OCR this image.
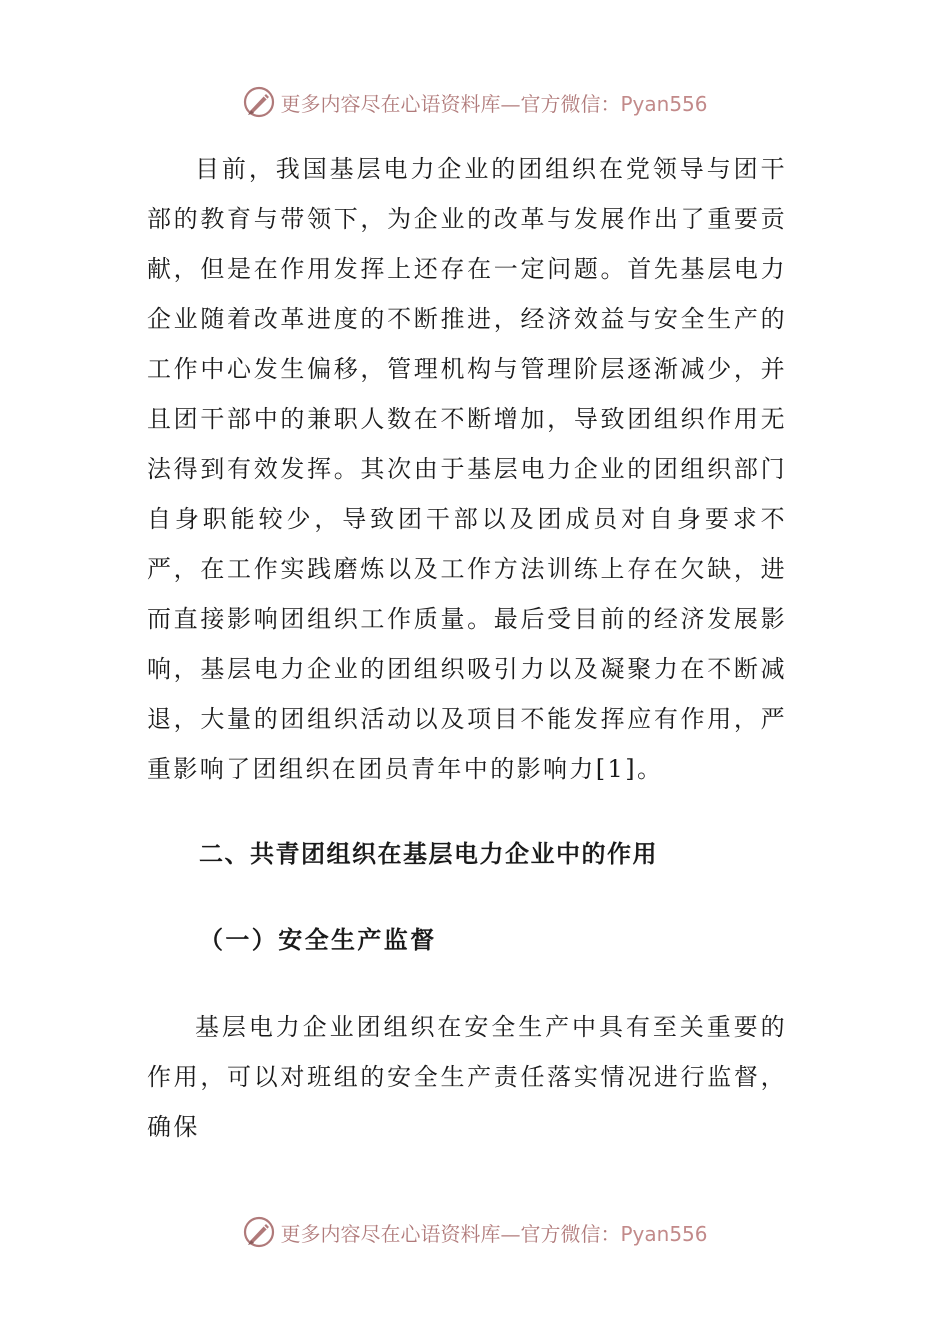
更多内容尽在心语资料库—官方微信：Pyan556

目前，我国基层电力企业的团组织在党领导与团干部的教育与带领下，为企业的改革与发展作出了重要贡献，但是在作用发挥上还存在一定问题。首先基层电力企业随着改革进度的不断推进，经济效益与安全生产的工作中心发生偏移，管理机构与管理阶层逐渐减少，并且团干部中的兼职人数在不断增加，导致团组织作用无法得到有效发挥。其次由于基层电力企业的团组织部门自身职能较少，导致团干部以及团成员对自身要求不严，在工作实践磨炼以及工作方法训练上存在欠缺，进而直接影响团组织工作质量。最后受目前的经济发展影响，基层电力企业的团组织吸引力以及凝聚力在不断减退，大量的团组织活动以及项目不能发挥应有作用，严重影响了团组织在团员青年中的影响力[1]。

二、共青团组织在基层电力企业中的作用
（一）安全生产监督

基层电力企业团组织在安全生产中具有至关重要的作用，可以对班组的安全生产责任落实情况进行监督，确保

更多内容尽在心语资料库—官方微信：Pyan556
